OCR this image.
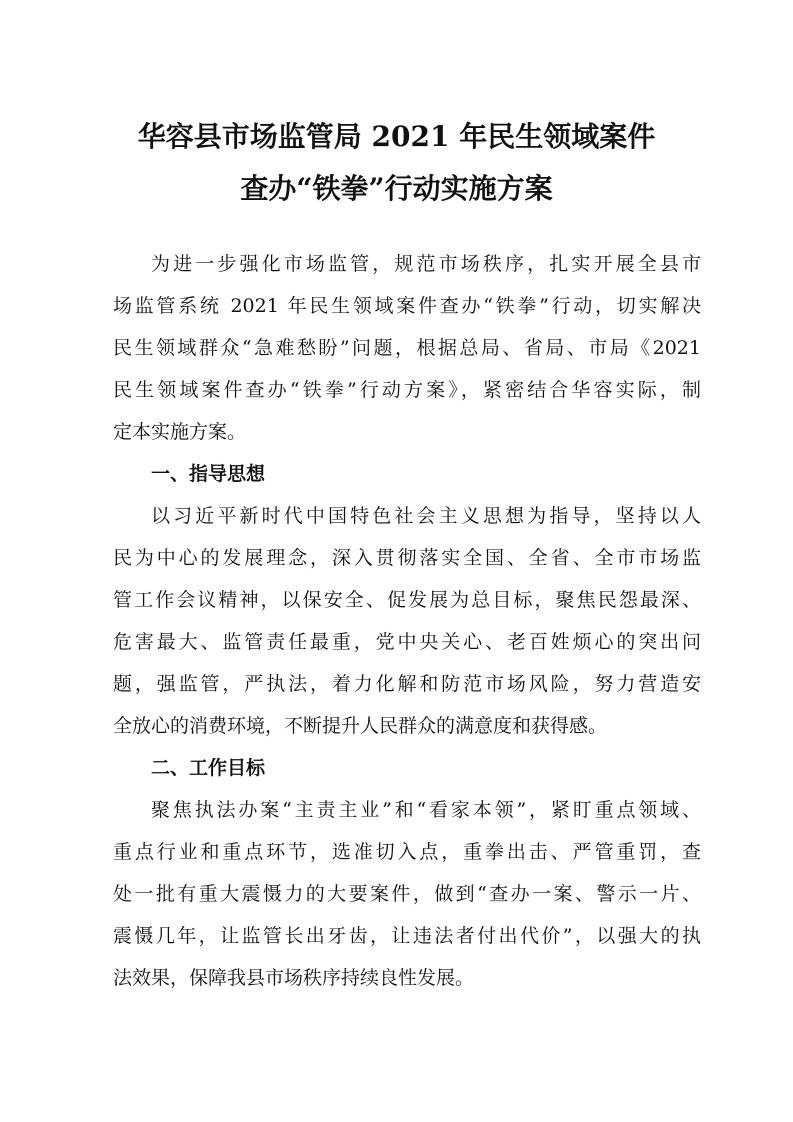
华容县市场监管局 2021 年民生领域案件
查办“铁拳”行动实施方案
为进一步强化市场监管，规范市场秩序，扎实开展全县市
场监管系统 2021 年民生领域案件查办“铁拳”行动，切实解决
民生领域群众“急难愁盼”问题，根据总局、省局、市局《2021
民生领域案件查办“铁拳”行动方案》，紧密结合华容实际，制
定本实施方案。
一、指导思想
以习近平新时代中国特色社会主义思想为指导，坚持以人
民为中心的发展理念，深入贯彻落实全国、全省、全市市场监
管工作会议精神，以保安全、促发展为总目标，聚焦民怨最深、
危害最大、监管责任最重，党中央关心、老百姓烦心的突出问
题，强监管，严执法，着力化解和防范市场风险，努力营造安
全放心的消费环境，不断提升人民群众的满意度和获得感。
二、工作目标
聚焦执法办案“主责主业”和“看家本领”，紧盯重点领域、
重点行业和重点环节，选准切入点，重拳出击、严管重罚，查
处一批有重大震慑力的大要案件，做到“查办一案、警示一片、
震慑几年，让监管长出牙齿，让违法者付出代价”，以强大的执
法效果，保障我县市场秩序持续良性发展。
